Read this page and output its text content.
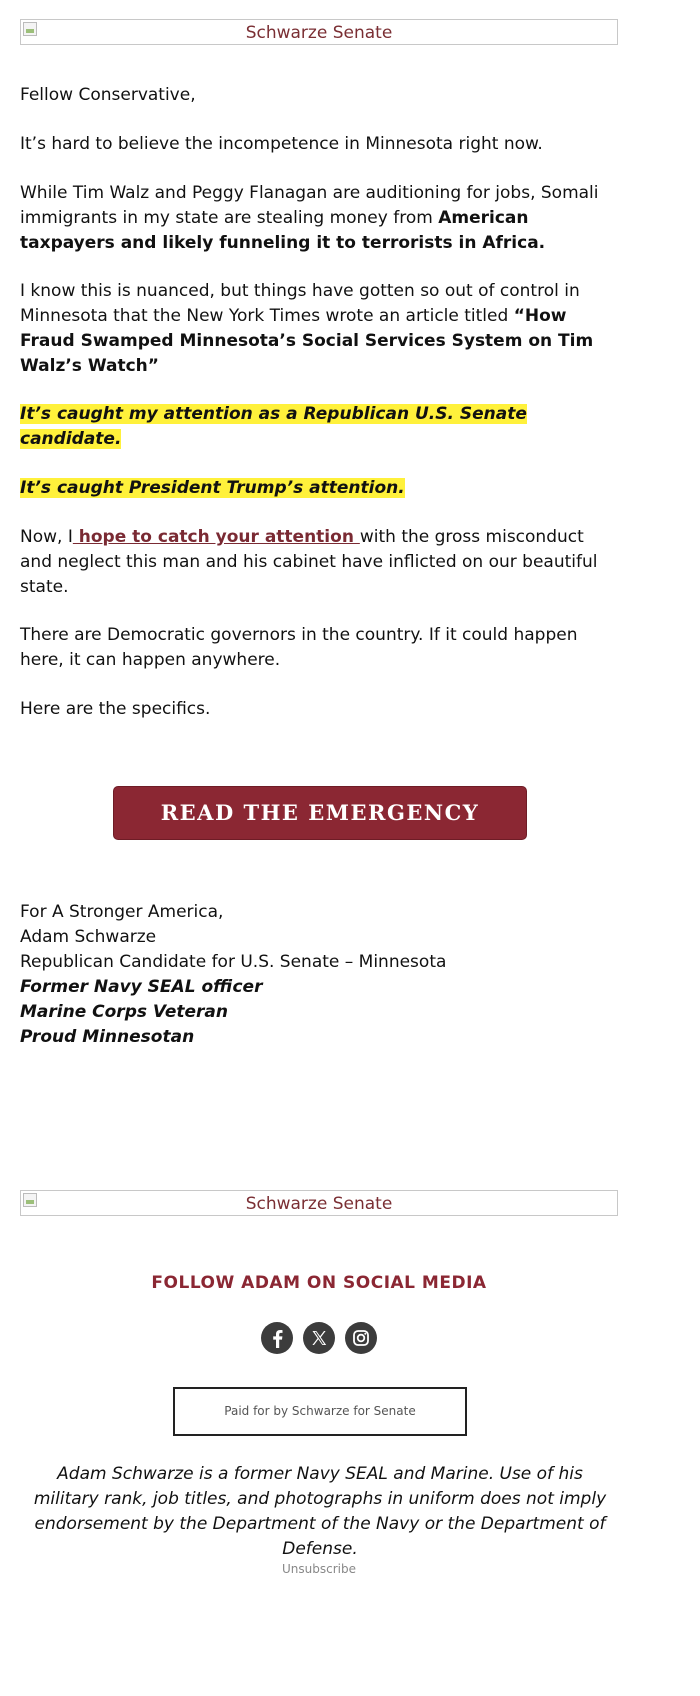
Schwarze Senate

Fellow Conservative,

It’s hard to believe the incompetence in Minnesota right now.

While Tim Walz and Peggy Flanagan are auditioning for jobs, Somali immigrants in my state are stealing money from American taxpayers and likely funneling it to terrorists in Africa.

I know this is nuanced, but things have gotten so out of control in Minnesota that the New York Times wrote an article titled “How Fraud Swamped Minnesota’s Social Services System on Tim Walz’s Watch”

It’s caught my attention as a Republican U.S. Senate candidate.

It’s caught President Trump’s attention.

Now, I hope to catch your attention with the gross misconduct and neglect this man and his cabinet have inflicted on our beautiful state.

There are Democratic governors in the country. If it could happen here, it can happen anywhere.

Here are the specifics.

READ THE EMERGENCY MEMO →

For A Stronger America,

Adam Schwarze

Republican Candidate for U.S. Senate – Minnesota

Former Navy SEAL officer

Marine Corps Veteran

Proud Minnesotan

Schwarze Senate
FOLLOW ADAM ON SOCIAL MEDIA
Paid for by Schwarze for Senate
Adam Schwarze is a former Navy SEAL and Marine. Use of his military rank, job titles, and photographs in uniform does not imply endorsement by the Department of the Navy or the Department of Defense.
Unsubscribe
